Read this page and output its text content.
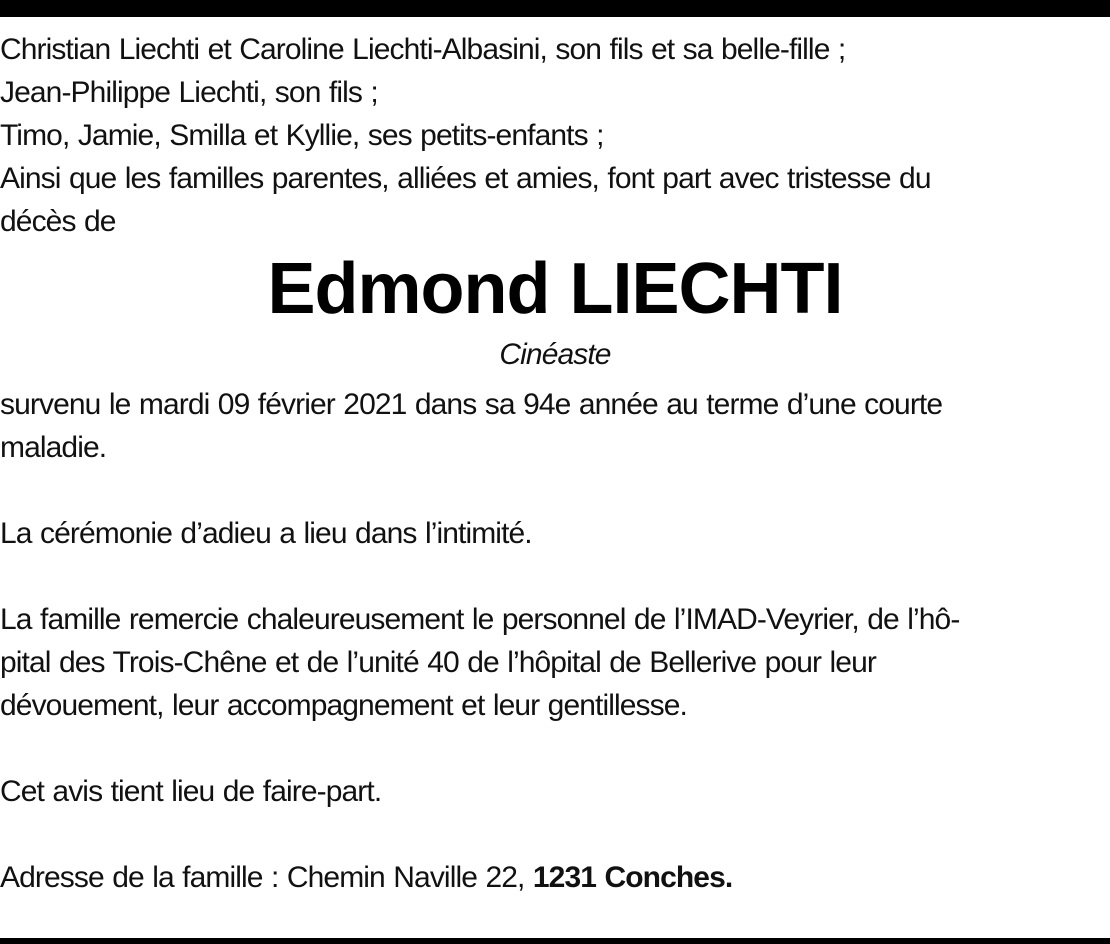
Christian Liechti et Caroline Liechti-Albasini, son fils et sa belle-fille ;
Jean-Philippe Liechti, son fils ;
Timo, Jamie, Smilla et Kyllie, ses petits-enfants ;
Ainsi que les familles parentes, alliées et amies, font part avec tristesse du
décès de
Edmond LIECHTI
Cinéaste
survenu le mardi 09 février 2021 dans sa 94e année au terme d’une courte
maladie.
La cérémonie d’adieu a lieu dans l’intimité.
La famille remercie chaleureusement le personnel de l’IMAD-Veyrier, de l’hô-
pital des Trois-Chêne et de l’unité 40 de l’hôpital de Bellerive pour leur
dévouement, leur accompagnement et leur gentillesse.
Cet avis tient lieu de faire-part.
Adresse de la famille : Chemin Naville 22, 1231 Conches.
